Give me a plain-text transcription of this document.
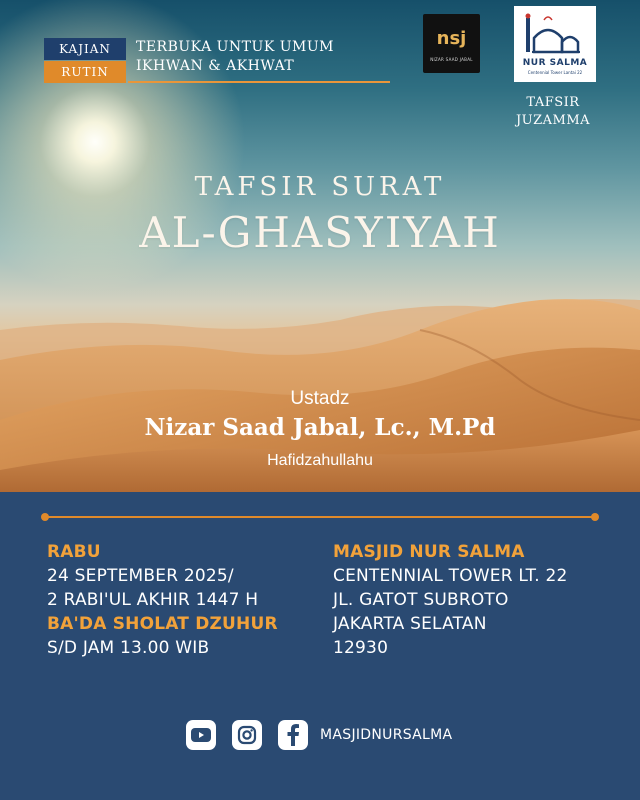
KAJIAN
RUTIN
TERBUKA UNTUK UMUM
IKHWAN & AKHWAT
nsj
NIZAR SAAD JABAL	NUR SALMA
Centennial Tower Lantai 22
TAFSIR
JUZAMMA
TAFSIR SURAT
AL-GHASYIYAH
Ustadz
Nizar Saad Jabal, Lc., M.Pd
Hafidzahullahu
RABU
24 SEPTEMBER 2025/
2 RABI'UL AKHIR 1447 H
BA'DA SHOLAT DZUHUR
S/D JAM 13.00 WIB
MASJID NUR SALMA
CENTENNIAL TOWER LT. 22
JL. GATOT SUBROTO
JAKARTA SELATAN
12930
MASJIDNURSALMA
